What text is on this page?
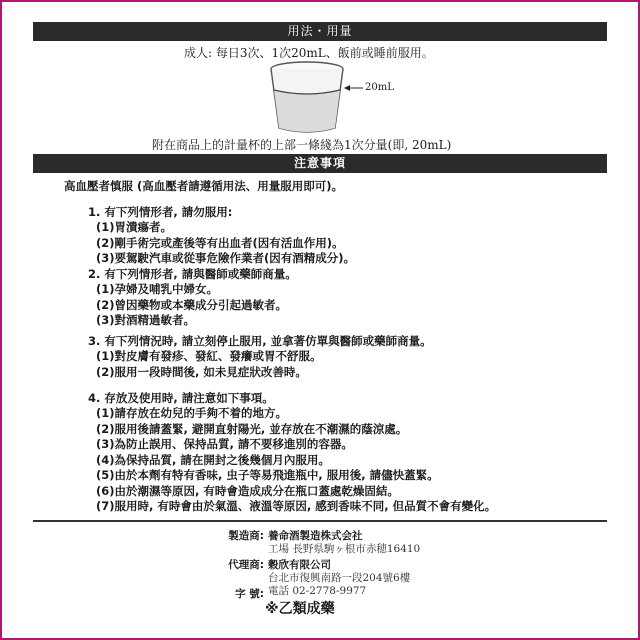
用法・用量
成人: 每日3次、1次20mL、飯前或睡前服用。
20mL
附在商品上的計量杯的上部一條綫為1次分量(即, 20mL)
注意事項
高血壓者慎服 (高血壓者請遵循用法、用量服用即可)。
1. 有下列情形者, 請勿服用:
(1)胃潰瘍者。
(2)剛手術完或產後等有出血者(因有活血作用)。
(3)要駕駛汽車或從事危險作業者(因有酒精成分)。
2. 有下列情形者, 請與醫師或藥師商量。
(1)孕婦及哺乳中婦女。
(2)曾因藥物或本藥成分引起過敏者。
(3)對酒精過敏者。
3. 有下列情況時, 請立刻停止服用, 並拿著仿單與醫師或藥師商量。
(1)對皮膚有發疹、發紅、發癢或胃不舒服。
(2)服用一段時間後, 如未見症狀改善時。
4. 存放及使用時, 請注意如下事項。
(1)請存放在幼兒的手夠不着的地方。
(2)服用後請蓋緊, 避開直射陽光, 並存放在不潮濕的蔭涼處。
(3)為防止誤用、保持品質, 請不要移進別的容器。
(4)為保持品質, 請在開封之後幾個月內服用。
(5)由於本劑有特有香味, 虫子等易飛進瓶中, 服用後, 請儘快蓋緊。
(6)由於潮濕等原因, 有時會造成成分在瓶口蓋處乾燥固結。
(7)服用時, 有時會由於氣溫、液溫等原因, 感到香味不同, 但品質不會有變化。
製造商: 養命酒製造株式会社
工場 長野県駒ヶ根市赤穂16410
代理商: 穀欣有限公司
台北市復興南路一段204號6樓
電話 02-2778-9977
字 號:
※乙類成藥
